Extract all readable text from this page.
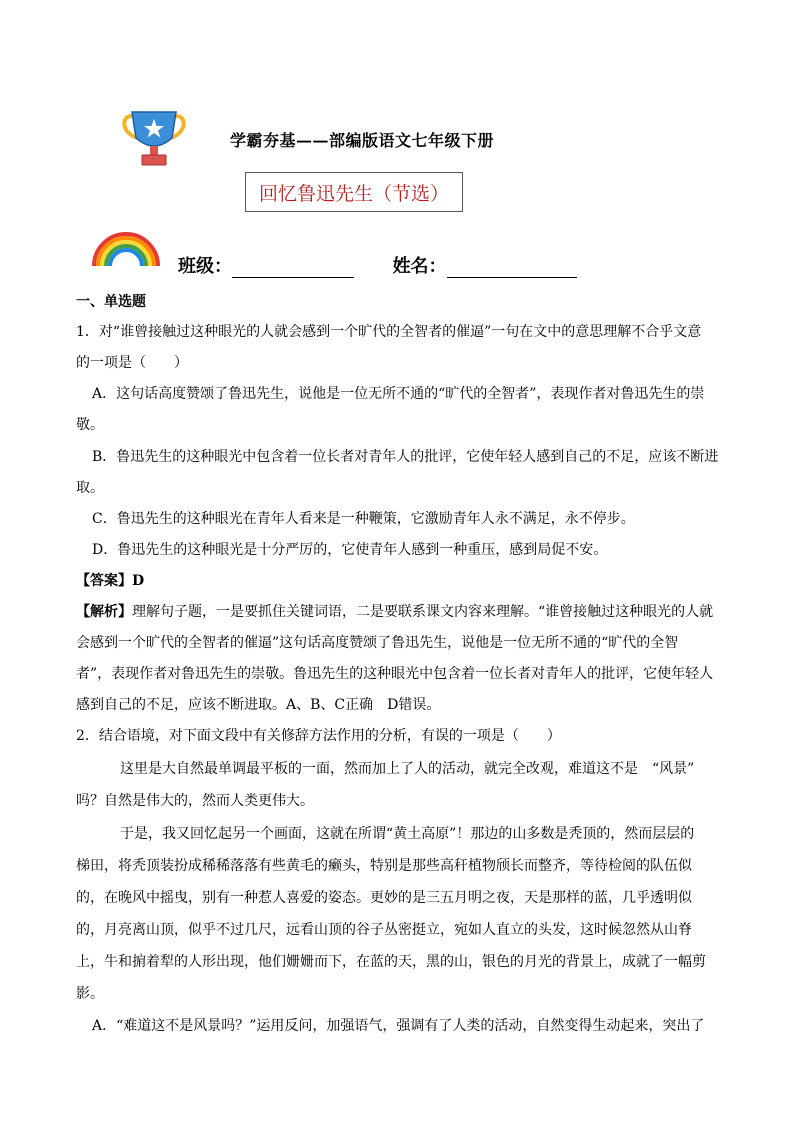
学霸夯基——部编版语文七年级下册
回忆鲁迅先生（节选）
班级：	姓名：
一、单选题
1．对“谁曾接触过这种眼光的人就会感到一个旷代的全智者的催逼”一句在文中的意思理解不合乎文意
的一项是（　　）
A．这句话高度赞颂了鲁迅先生，说他是一位无所不通的“旷代的全智者”，表现作者对鲁迅先生的崇
敬。
B．鲁迅先生的这种眼光中包含着一位长者对青年人的批评，它使年轻人感到自己的不足，应该不断进
取。
C．鲁迅先生的这种眼光在青年人看来是一种鞭策，它激励青年人永不满足，永不停步。
D．鲁迅先生的这种眼光是十分严厉的，它使青年人感到一种重压，感到局促不安。
【答案】D
【解析】理解句子题，一是要抓住关键词语，二是要联系课文内容来理解。“谁曾接触过这种眼光的人就
会感到一个旷代的全智者的催逼”这句话高度赞颂了鲁迅先生，说他是一位无所不通的“旷代的全智
者”，表现作者对鲁迅先生的崇敬。鲁迅先生的这种眼光中包含着一位长者对青年人的批评，它使年轻人
感到自己的不足，应该不断进取。A、B、C正确　D错误。
2．结合语境，对下面文段中有关修辞方法作用的分析，有误的一项是（　　）
这里是大自然最单调最平板的一面，然而加上了人的活动，就完全改观，难道这不是　“风景”
吗？自然是伟大的，然而人类更伟大。
于是，我又回忆起另一个画面，这就在所谓“黄土高原”！那边的山多数是秃顶的，然而层层的
梯田，将秃顶装扮成稀稀落落有些黄毛的癞头，特别是那些高秆植物颀长而整齐，等待检阅的队伍似
的，在晚风中摇曳，别有一种惹人喜爱的姿态。更妙的是三五月明之夜，天是那样的蓝，几乎透明似
的，月亮离山顶，似乎不过几尺，远看山顶的谷子丛密挺立，宛如人直立的头发，这时候忽然从山脊
上，牛和掮着犁的人形出现，他们姗姗而下，在蓝的天，黑的山，银色的月光的背景上，成就了一幅剪
影。
A．“难道这不是风景吗？”运用反问，加强语气，强调有了人类的活动，自然变得生动起来，突出了
